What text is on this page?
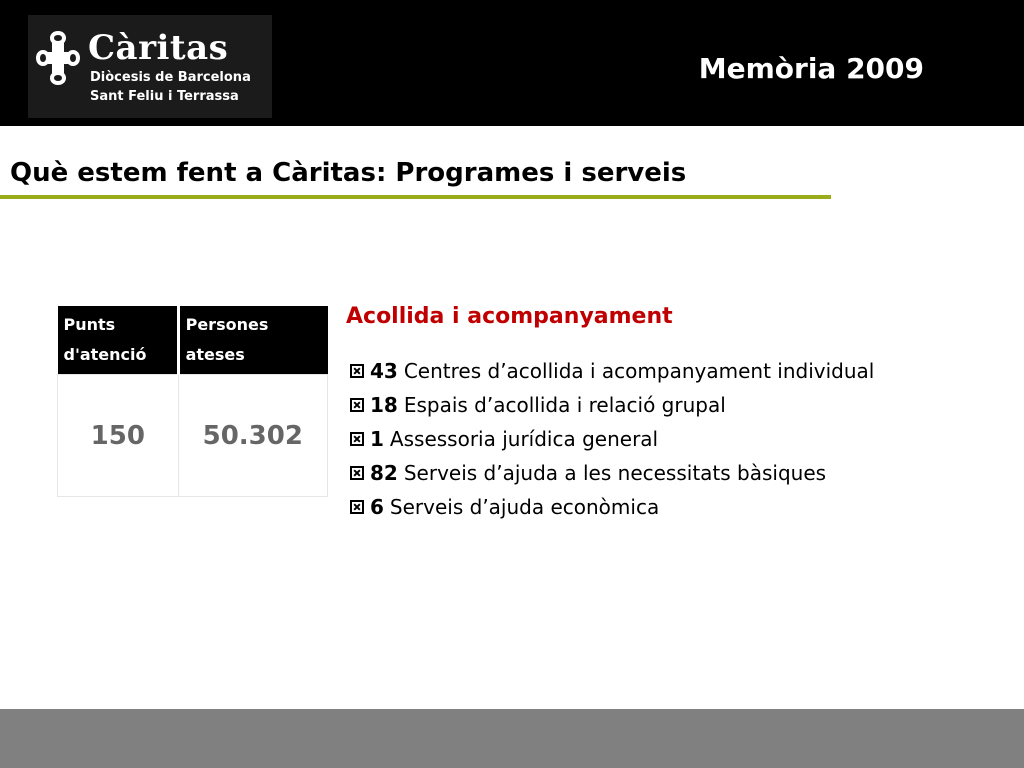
Càritas
Diòcesis de Barcelona
Sant Feliu i Terrassa
Memòria 2009
Què estem fent a Càritas: Programes i serveis
Punts d'atenció	Persones ateses
150	50.302
Acollida i acompanyament
43 Centres d’acollida i acompanyament individual
18 Espais d’acollida i relació grupal
1 Assessoria jurídica general
82 Serveis d’ajuda a les necessitats bàsiques
6 Serveis d’ajuda econòmica
